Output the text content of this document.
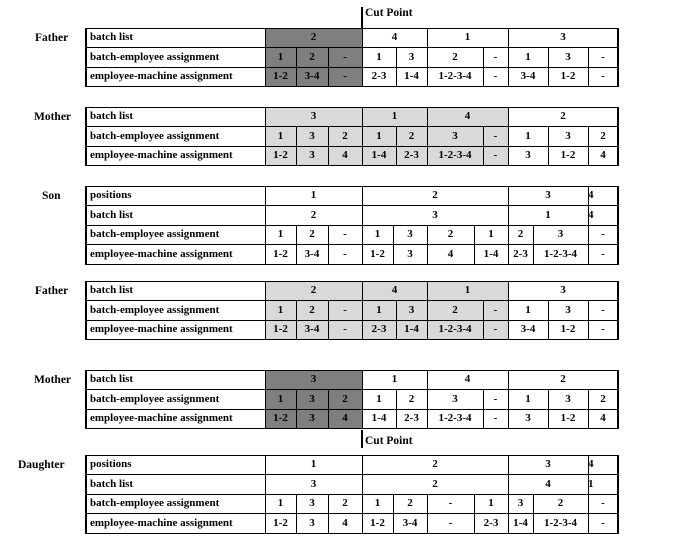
Father	batch list	2	4	1	3
batch-employee assignment	1	2	-	1	3	2	-	1	3	-
employee-machine assignment	1-2	3-4	-	2-3	1-4	1-2-3-4	-	3-4	1-2	-
Mother	batch list	3	1	4	2
batch-employee assignment	1	3	2	1	2	3	-	1	3	2
employee-machine assignment	1-2	3	4	1-4	2-3	1-2-3-4	-	3	1-2	4
Son	positions	1	2	3	4
batch list	2	3	1	4
batch-employee assignment	1	2	-	1	3	2	1	2	3	-
employee-machine assignment	1-2	3-4	-	1-2	3	4	1-4	2-3	1-2-3-4	-
Father	batch list	2	4	1	3
batch-employee assignment	1	2	-	1	3	2	-	1	3	-
employee-machine assignment	1-2	3-4	-	2-3	1-4	1-2-3-4	-	3-4	1-2	-
Mother	batch list	3	1	4	2
batch-employee assignment	1	3	2	1	2	3	-	1	3	2
employee-machine assignment	1-2	3	4	1-4	2-3	1-2-3-4	-	3	1-2	4
Daughter	positions	1	2	3	4
batch list	3	2	4	1
batch-employee assignment	1	3	2	1	2	-	1	3	2	-
employee-machine assignment	1-2	3	4	1-2	3-4	-	2-3	1-4	1-2-3-4	-
Cut Point
Cut Point
